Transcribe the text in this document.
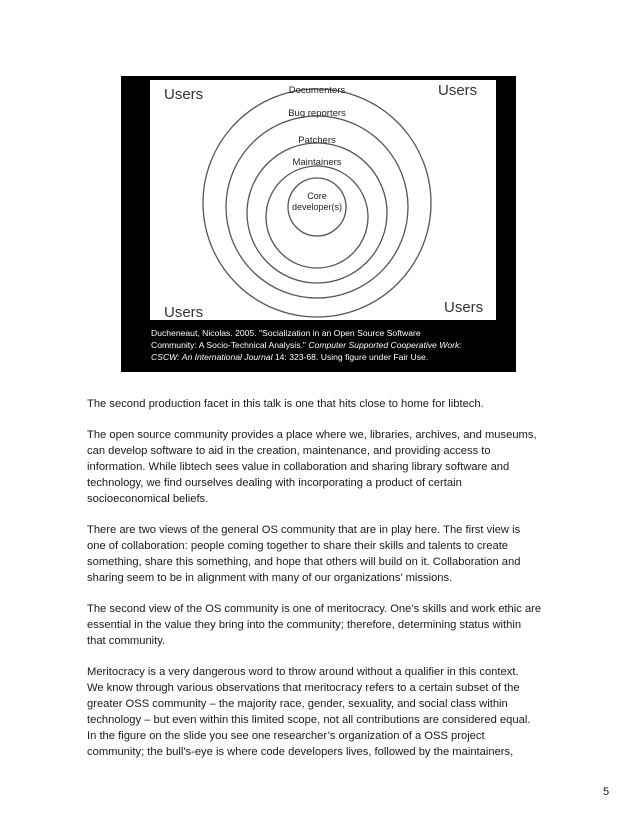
Users	Users
Users	Users
Documenters
Bug reporters
Patchers
Maintainers
Core
developer(s)
Ducheneaut, Nicolas. 2005. "Socialization in an Open Source Software
Community: A Socio-Technical Analysis." Computer Supported Cooperative Work:
CSCW: An International Journal 14: 323-68. Using figure under Fair Use.

The second production facet in this talk is one that hits close to home for libtech.

The open source community provides a place where we, libraries, archives, and museums,
can develop software to aid in the creation, maintenance, and providing access to
information. While libtech sees value in collaboration and sharing library software and
technology, we find ourselves dealing with incorporating a product of certain
socioeconomical beliefs.

There are two views of the general OS community that are in play here. The first view is
one of collaboration: people coming together to share their skills and talents to create
something, share this something, and hope that others will build on it. Collaboration and
sharing seem to be in alignment with many of our organizations’ missions.

The second view of the OS community is one of meritocracy. One’s skills and work ethic are
essential in the value they bring into the community; therefore, determining status within
that community.

Meritocracy is a very dangerous word to throw around without a qualifier in this context.
We know through various observations that meritocracy refers to a certain subset of the
greater OSS community – the majority race, gender, sexuality, and social class within
technology – but even within this limited scope, not all contributions are considered equal.
In the figure on the slide you see one researcher’s organization of a OSS project
community; the bull's-eye is where code developers lives, followed by the maintainers,

5
